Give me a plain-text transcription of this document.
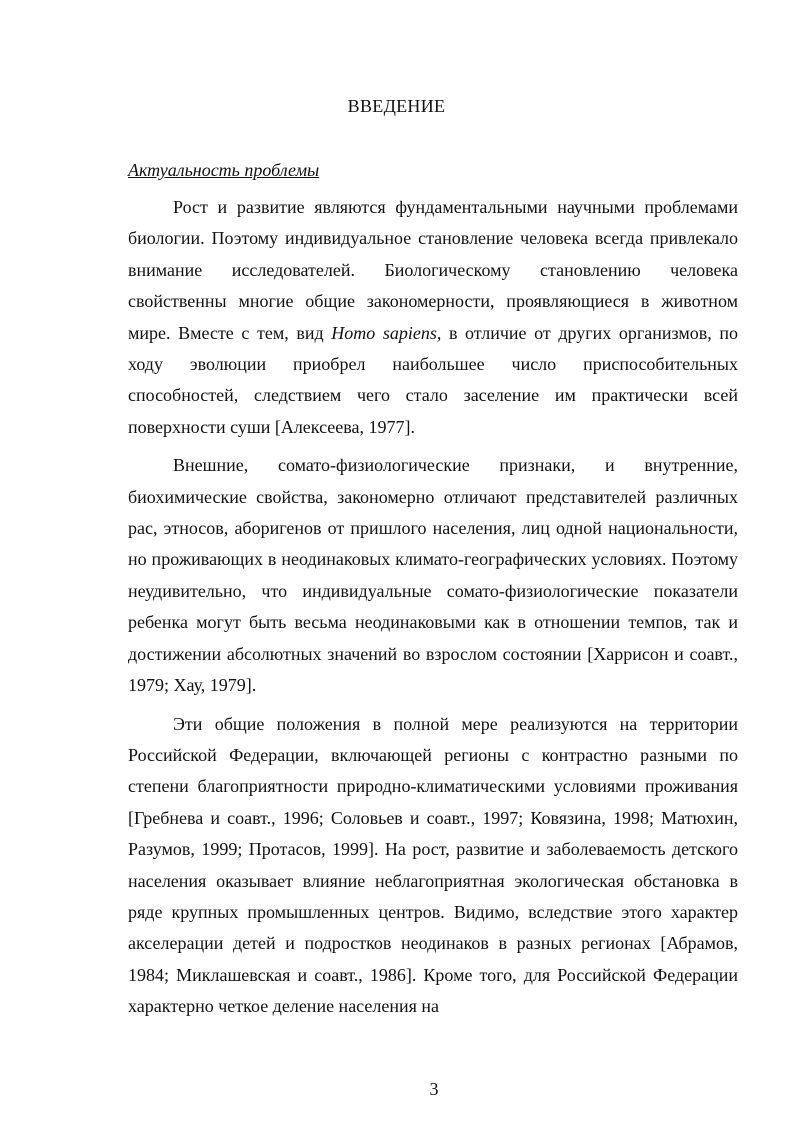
ВВЕДЕНИЕ
Актуальность проблемы

Рост и развитие являются фундаментальными научными проблемами биологии. Поэтому индивидуальное становление человека всегда привлекало внимание исследователей. Биологическому становлению человека свойственны многие общие закономерности, проявляющиеся в животном мире. Вместе с тем, вид Homo sapiens, в отличие от других организмов, по ходу эволюции приобрел наибольшее число приспособительных способностей, следствием чего стало заселение им практически всей поверхности суши [Алексеева, 1977].

Внешние, сомато-физиологические признаки, и внутренние, биохимические свойства, закономерно отличают представителей различных рас, этносов, аборигенов от пришлого населения, лиц одной национальности, но проживающих в неодинаковых климато-географических условиях. Поэтому неудивительно, что индивидуальные сомато-физиологические показатели ребенка могут быть весьма неодинаковыми как в отношении темпов, так и достижении абсолютных значений во взрослом состоянии [Харрисон и соавт., 1979; Хау, 1979].

Эти общие положения в полной мере реализуются на территории Российской Федерации, включающей регионы с контрастно разными по степени благоприятности природно-климатическими условиями проживания [Гребнева и соавт., 1996; Соловьев и соавт., 1997; Ковязина, 1998; Матюхин, Разумов, 1999; Протасов, 1999]. На рост, развитие и заболеваемость детского населения оказывает влияние неблагоприятная экологическая обстановка в ряде крупных промышленных центров. Видимо, вследствие этого характер акселерации детей и подростков неодинаков в разных регионах [Абрамов, 1984; Миклашевская и соавт., 1986]. Кроме того, для Российской Федерации характерно четкое деление населения на

3
